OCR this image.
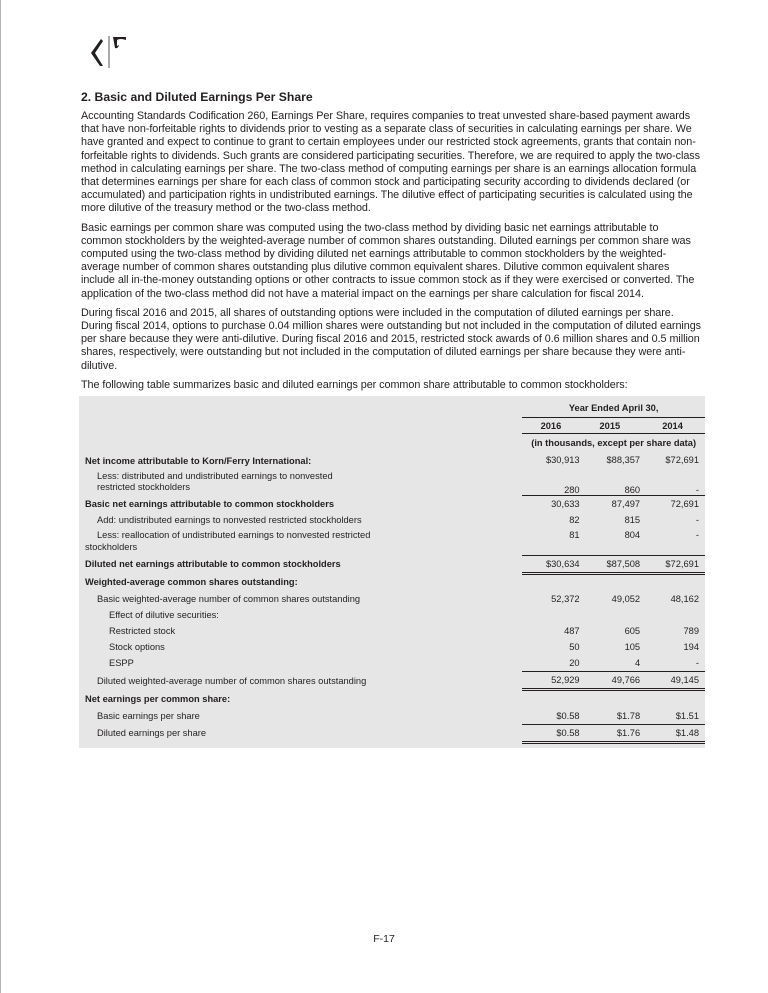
2. Basic and Diluted Earnings Per Share

Accounting Standards Codification 260, Earnings Per Share, requires companies to treat unvested share-based payment awards that have non-forfeitable rights to dividends prior to vesting as a separate class of securities in calculating earnings per share. We have granted and expect to continue to grant to certain employees under our restricted stock agreements, grants that contain non-forfeitable rights to dividends. Such grants are considered participating securities. Therefore, we are required to apply the two-class method in calculating earnings per share. The two-class method of computing earnings per share is an earnings allocation formula that determines earnings per share for each class of common stock and participating security according to dividends declared (or accumulated) and participation rights in undistributed earnings. The dilutive effect of participating securities is calculated using the more dilutive of the treasury method or the two-class method.

Basic earnings per common share was computed using the two-class method by dividing basic net earnings attributable to common stockholders by the weighted-average number of common shares outstanding. Diluted earnings per common share was computed using the two-class method by dividing diluted net earnings attributable to common stockholders by the weighted-average number of common shares outstanding plus dilutive common equivalent shares. Dilutive common equivalent shares include all in-the-money outstanding options or other contracts to issue common stock as if they were exercised or converted. The application of the two-class method did not have a material impact on the earnings per share calculation for fiscal 2014.

During fiscal 2016 and 2015, all shares of outstanding options were included in the computation of diluted earnings per share. During fiscal 2014, options to purchase 0.04 million shares were outstanding but not included in the computation of diluted earnings per share because they were anti-dilutive. During fiscal 2016 and 2015, restricted stock awards of 0.6 million shares and 0.5 million shares, respectively, were outstanding but not included in the computation of diluted earnings per share because they were anti-dilutive.

The following table summarizes basic and diluted earnings per common share attributable to common stockholders:

	Year Ended April 30,		
	2016	2015	2014
	(in thousands, except per share data)		
Net income attributable to Korn/Ferry International:	$30,913	$88,357	$72,691
Less: distributed and undistributed earnings to nonvested restricted stockholders	280	860	-
Basic net earnings attributable to common stockholders	30,633	87,497	72,691
Add: undistributed earnings to nonvested restricted stockholders	82	815	-
Less: reallocation of undistributed earnings to nonvested restricted stockholders	81	804	-
Diluted net earnings attributable to common stockholders	$30,634	$87,508	$72,691
Weighted-average common shares outstanding:			
Basic weighted-average number of common shares outstanding	52,372	49,052	48,162
Effect of dilutive securities:			
Restricted stock	487	605	789
Stock options	50	105	194
ESPP	20	4	-
Diluted weighted-average number of common shares outstanding	52,929	49,766	49,145
Net earnings per common share:			
Basic earnings per share	$0.58	$1.78	$1.51
Diluted earnings per share	$0.58	$1.76	$1.48
F-17
